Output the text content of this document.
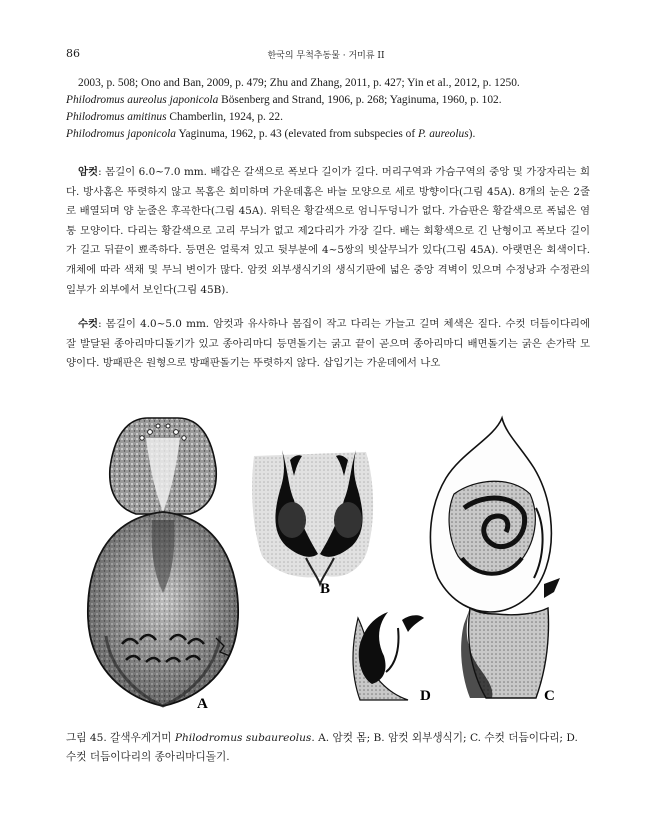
86	한국의 무척추동물 · 거미류 II
2003, p. 508; Ono and Ban, 2009, p. 479; Zhu and Zhang, 2011, p. 427; Yin et al., 2012, p. 1250.
Philodromus aureolus japonicola Bösenberg and Strand, 1906, p. 268; Yaginuma, 1960, p. 102.
Philodromus amitinus Chamberlin, 1924, p. 22.
Philodromus japonicola Yaginuma, 1962, p. 43 (elevated from subspecies of P. aureolus).
암컷: 몸길이 6.0~7.0 mm. 배갑은 갈색으로 폭보다 길이가 길다. 머리구역과 가슴구역의 중앙 및 가장자리는 희다. 방사홈은 뚜렷하지 않고 목홈은 희미하며 가운데홈은 바늘 모양으로 세로 방향이다(그림 45A). 8개의 눈은 2줄로 배열되며 양 눈줄은 후곡한다(그림 45A). 위턱은 황갈색으로 엄니두덩니가 없다. 가슴판은 황갈색으로 폭넓은 염통 모양이다. 다리는 황갈색으로 고리 무늬가 없고 제2다리가 가장 길다. 배는 회황색으로 긴 난형이고 폭보다 길이가 길고 뒤끝이 뾰족하다. 등면은 얼룩져 있고 뒷부분에 4~5쌍의 빗살무늬가 있다(그림 45A). 아랫면은 회색이다. 개체에 따라 색채 및 무늬 변이가 많다. 암컷 외부생식기의 생식기판에 넓은 중앙 격벽이 있으며 수정낭과 수정관의 일부가 외부에서 보인다(그림 45B).
수컷: 몸길이 4.0~5.0 mm. 암컷과 유사하나 몸집이 작고 다리는 가늘고 길며 체색은 짙다. 수컷 더듬이다리에 잘 발달된 종아리마디돌기가 있고 종아리마디 등면돌기는 굵고 끝이 곧으며 종아리마디 배면돌기는 굵은 손가락 모양이다. 방패판은 원형으로 방패판돌기는 뚜렷하지 않다. 삽입기는 가운데에서 나오
A
B
C
D
그림 45. 갈색우게거미 Philodromus subaureolus. A. 암컷 몸; B. 암컷 외부생식기; C. 수컷 더듬이다리; D. 수컷 더듬이다리의 종아리마디돌기.
